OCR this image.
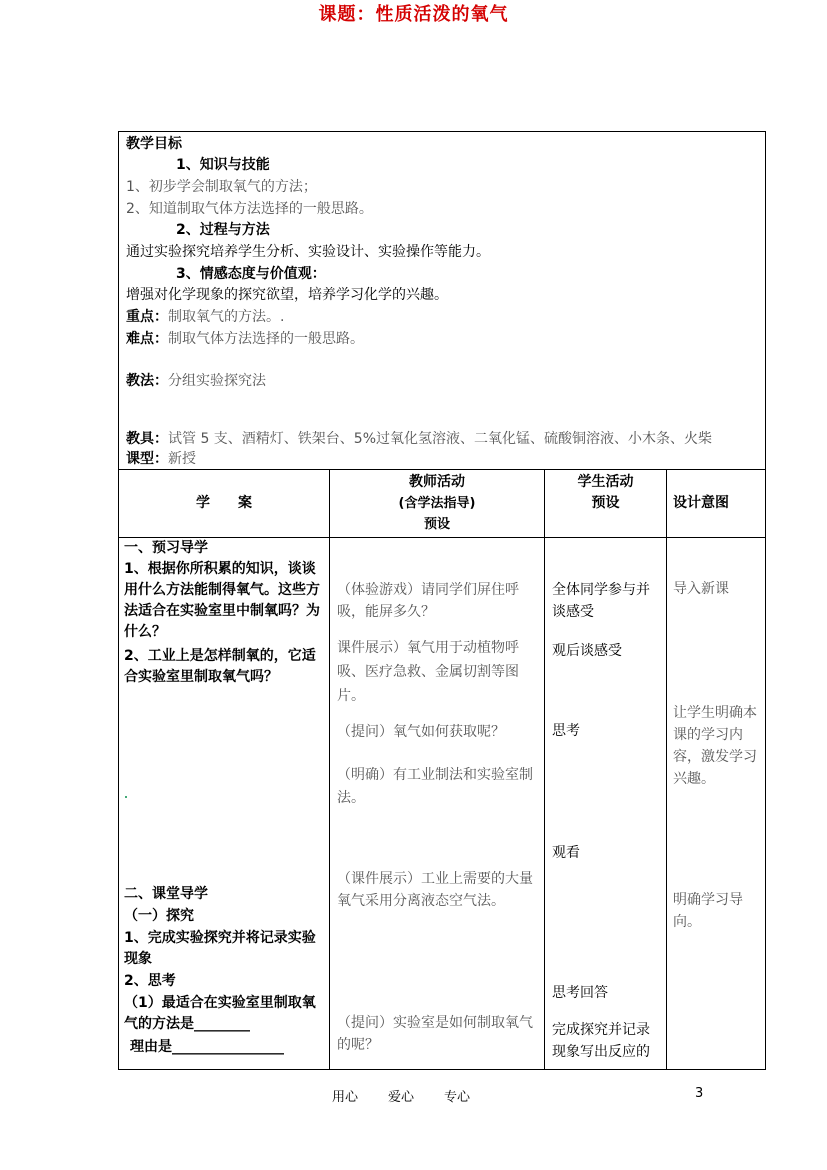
课题：性质活泼的氧气
教学目标
1、知识与技能
1、初步学会制取氧气的方法；
2、知道制取气体方法选择的一般思路。
2、过程与方法
通过实验探究培养学生分析、实验设计、实验操作等能力。
3、情感态度与价值观：
增强对化学现象的探究欲望，培养学习化学的兴趣。
重点：制取氧气的方法。.
难点：制取气体方法选择的一般思路。
教法：分组实验探究法
教具：试管 5 支、酒精灯、铁架台、5%过氧化氢溶液、二氧化锰、硫酸铜溶液、小木条、火柴
课型：新授
学　　案
教师活动
(含学法指导)
预设
学生活动
预设	设计意图
一、预习导学
1、根据你所积累的知识，谈谈用什么方法能制得氧气。这些方法适合在实验室里中制氧吗？为什么？
2、工业上是怎样制氧的，它适合实验室里制取氧气吗？
二、课堂导学
（一）探究
1、完成实验探究并将记录实验现象
2、思考
（1）最适合在实验室里制取氧气的方法是________
理由是________________
（体验游戏）请同学们屏住呼吸，能屏多久？
课件展示）氧气用于动植物呼吸、医疗急救、金属切割等图片。
（提问）氧气如何获取呢？
（明确）有工业制法和实验室制法。
（课件展示）工业上需要的大量氧气采用分离液态空气法。
（提问）实验室是如何制取氧气的呢？
全体同学参与并谈感受
观后谈感受
思考
观看
思考回答
完成探究并记录现象写出反应的
导入新课
让学生明确本课的学习内容，激发学习兴趣。
明确学习导向。
用心 爱心 专心	3
